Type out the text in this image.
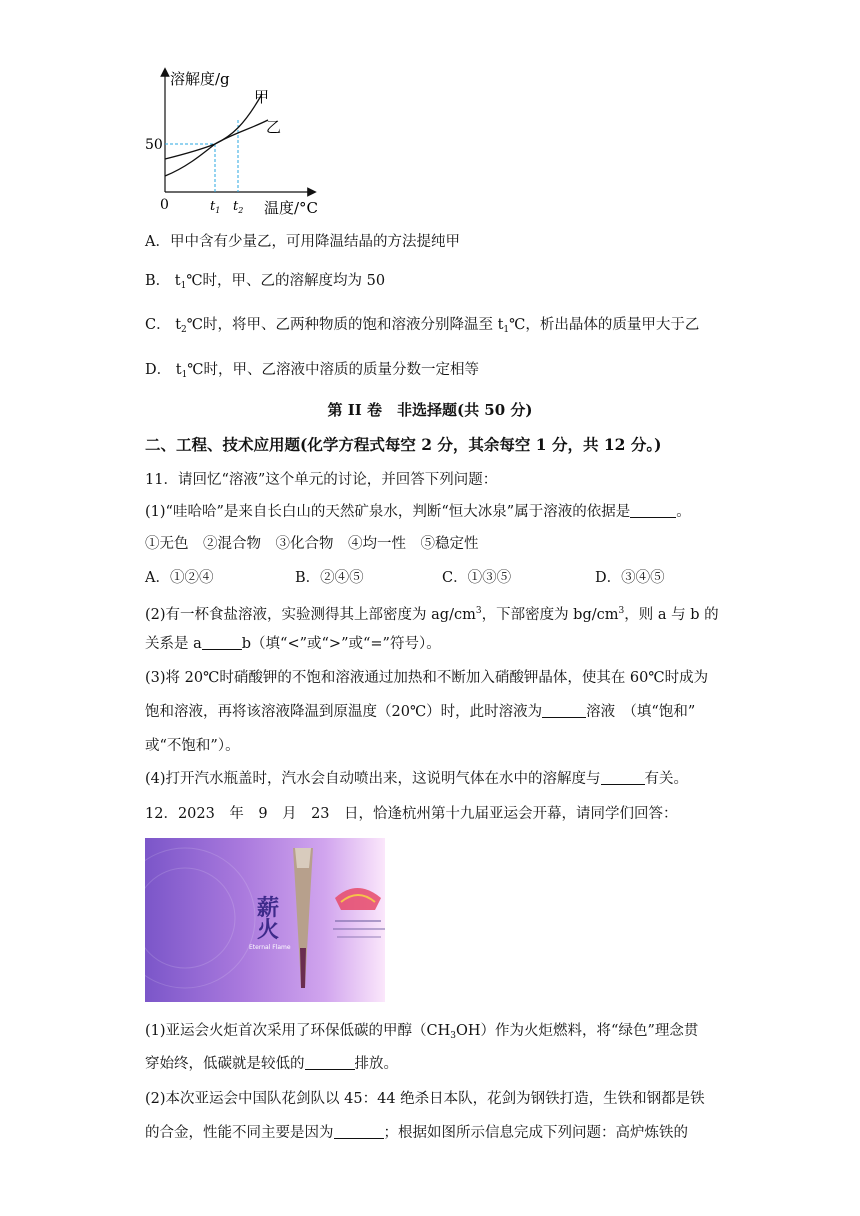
溶解度/g
甲
乙
50
0	$t_1$ $t_2$ 温度/°C
A．甲中含有少量乙，可用降温结晶的方法提纯甲
B． $t_1℃$时，甲、乙的溶解度均为 50
C． $t_2℃$时，将甲、乙两种物质的饱和溶液分别降温至 $t_1℃$，析出晶体的质量甲大于乙
D． $t_1℃$时，甲、乙溶液中溶质的质量分数一定相等
第 II 卷　非选择题(共 50 分)
二、工程、技术应用题(化学方程式每空 2 分，其余每空 1 分，共 12 分。)
11．请回忆“溶液”这个单元的讨论，并回答下列问题：
(1)“哇哈哈”是来自长白山的天然矿泉水，判断“恒大冰泉”属于溶液的依据是	。
①无色　②混合物　③化合物　④均一性　⑤稳定性
A．①②④	B．②④⑤	C．①③⑤	D．③④⑤
(2)有一杯食盐溶液，实验测得其上部密度为 $ag/cm^3$，下部密度为 $bg/cm^3$，则 a 与 b 的
关系是 a	b（填“<”或“>”或“=”符号）。
(3)将 20℃时硝酸钾的不饱和溶液通过加热和不断加入硝酸钾晶体，使其在 60℃时成为
饱和溶液，再将该溶液降温到原温度（20℃）时，此时溶液为	溶液　（填“饱和”
或“不饱和”）。
(4)打开汽水瓶盖时，汽水会自动喷出来，这说明气体在水中的溶解度与	有关。
12．2023　年　9　月　23　日，恰逢杭州第十九届亚运会开幕，请同学们回答：
薪
火
Eternal Flame
(1)亚运会火炬首次采用了环保低碳的甲醇$(CH_3OH)$作为火炬燃料，将“绿色”理念贯
穿始终，低碳就是较低的	排放。
(2)本次亚运会中国队花剑队以 45：44 绝杀日本队，花剑为钢铁打造，生铁和钢都是铁
的合金，性能不同主要是因为	；根据如图所示信息完成下列问题：高炉炼铁的
